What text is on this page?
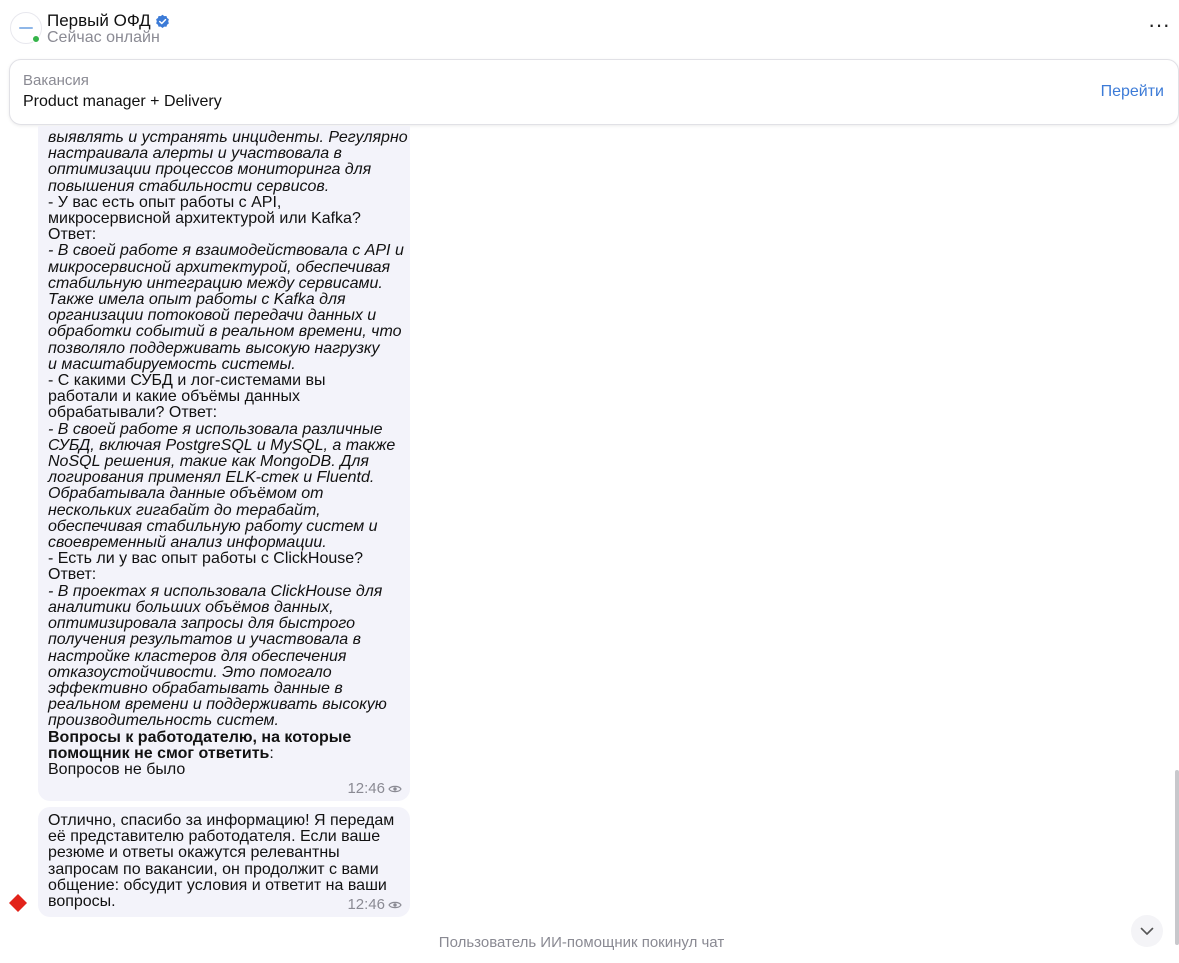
Первый ОФД
Сейчас онлайн
···
Вакансия
Product manager + Delivery
Перейти
выявлять и устранять инциденты. Регулярно
настраивала алерты и участвовала в
оптимизации процессов мониторинга для
повышения стабильности сервисов.
- У вас есть опыт работы с API,
микросервисной архитектурой или Kafka?
Ответ:
- В своей работе я взаимодействовала с API и
микросервисной архитектурой, обеспечивая
стабильную интеграцию между сервисами.
Также имела опыт работы с Kafka для
организации потоковой передачи данных и
обработки событий в реальном времени, что
позволяло поддерживать высокую нагрузку
и масштабируемость системы.
- С какими СУБД и лог-системами вы
работали и какие объёмы данных
обрабатывали? Ответ:
- В своей работе я использовала различные
СУБД, включая PostgreSQL и MySQL, а также
NoSQL решения, такие как MongoDB. Для
логирования применял ELK-стек и Fluentd.
Обрабатывала данные объёмом от
нескольких гигабайт до терабайт,
обеспечивая стабильную работу систем и
своевременный анализ информации.
- Есть ли у вас опыт работы с ClickHouse?
Ответ:
- В проектах я использовала ClickHouse для
аналитики больших объёмов данных,
оптимизировала запросы для быстрого
получения результатов и участвовала в
настройке кластеров для обеспечения
отказоустойчивости. Это помогало
эффективно обрабатывать данные в
реальном времени и поддерживать высокую
производительность систем.
Вопросы к работодателю, на которые
помощник не смог ответить:
Вопросов не было
12:46
Отлично, спасибо за информацию! Я передам
её представителю работодателя. Если ваше
резюме и ответы окажутся релевантны
запросам по вакансии, он продолжит с вами
общение: обсудит условия и ответит на ваши
вопросы.	12:46
Пользователь ИИ-помощник покинул чат
